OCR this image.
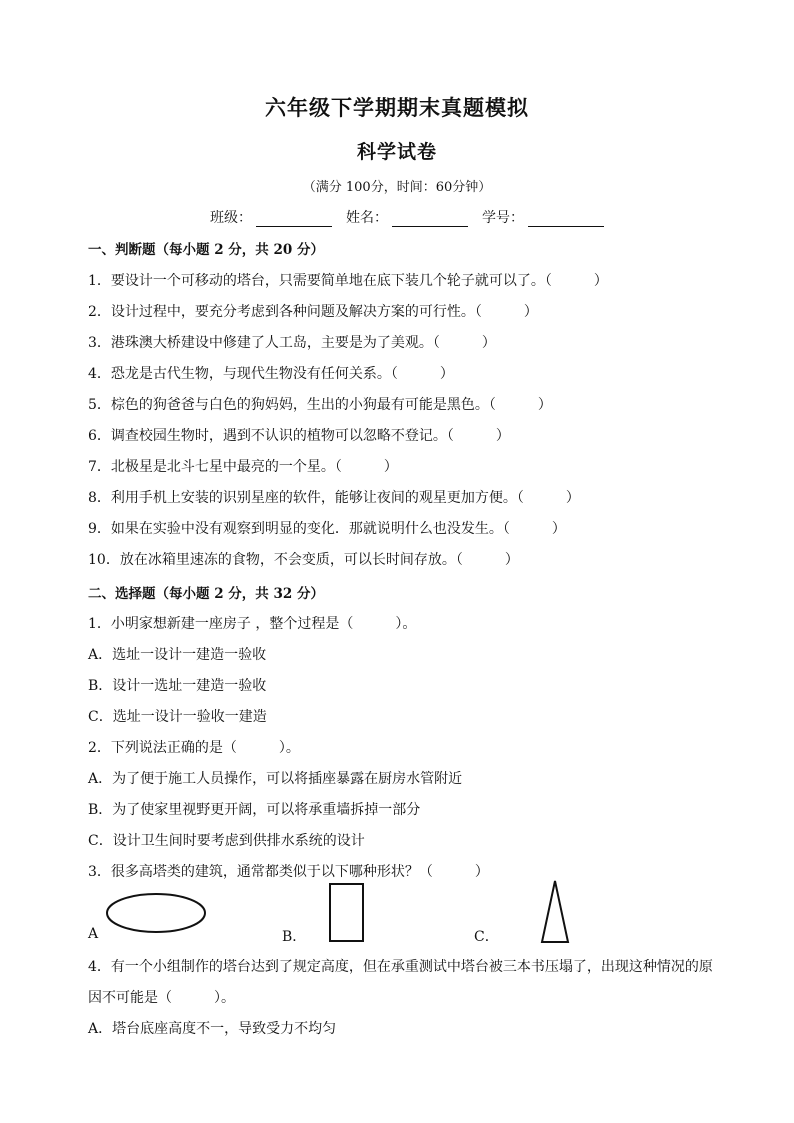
六年级下学期期末真题模拟
科学试卷
（满分 100分，时间：60分钟）
班级：	姓名：	学号：
一、判断题（每小题 2 分，共 20 分）
1．要设计一个可移动的塔台，只需要简单地在底下装几个轮子就可以了。（　　　）
2．设计过程中，要充分考虑到各种问题及解决方案的可行性。（　　　）
3．港珠澳大桥建设中修建了人工岛，主要是为了美观。（　　　）
4．恐龙是古代生物，与现代生物没有任何关系。（　　　）
5．棕色的狗爸爸与白色的狗妈妈，生出的小狗最有可能是黑色。（　　　）
6．调查校园生物时，遇到不认识的植物可以忽略不登记。（　　　）
7．北极星是北斗七星中最亮的一个星。（　　　）
8．利用手机上安装的识别星座的软件，能够让夜间的观星更加方便。（　　　）
9．如果在实验中没有观察到明显的变化．那就说明什么也没发生。（　　　）
10．放在冰箱里速冻的食物，不会变质，可以长时间存放。（　　　）
二、选择题（每小题 2 分，共 32 分）
1．小明家想新建一座房子 ，整个过程是（　　　）。
A．选址一设计一建造一验收
B．设计一选址一建造一验收
C．选址一设计一验收一建造
2．下列说法正确的是（　　　）。
A．为了便于施工人员操作，可以将插座暴露在厨房水管附近
B．为了使家里视野更开阔，可以将承重墙拆掉一部分
C．设计卫生间时要考虑到供排水系统的设计
3．很多高塔类的建筑，通常都类似于以下哪种形状？（　　　）
A	B．	C．
4．有一个小组制作的塔台达到了规定高度，但在承重测试中塔台被三本书压塌了，出现这种情况的原
因不可能是（　　　）。
A．塔台底座高度不一，导致受力不均匀
